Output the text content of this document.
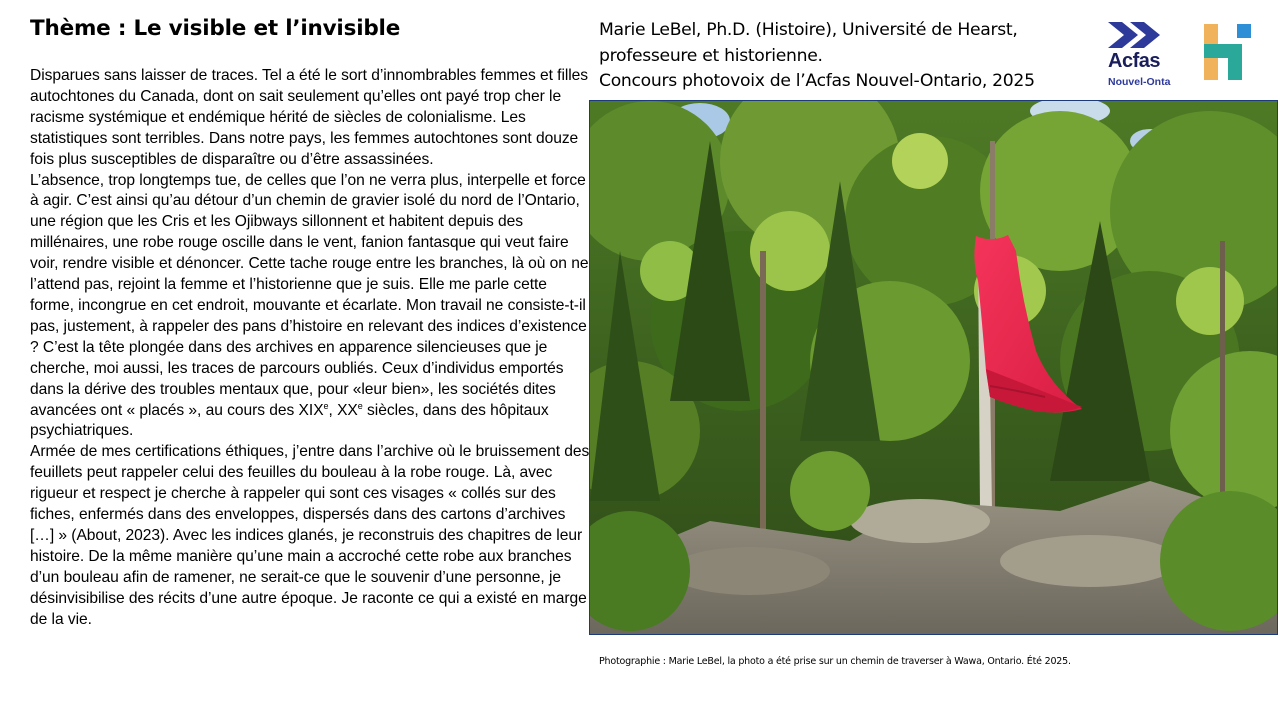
Thème : Le visible et l’invisible

Disparues sans laisser de traces. Tel a été le sort d’innombrables femmes et filles autochtones du Canada, dont on sait seulement qu’elles ont payé trop cher le racisme systémique et endémique hérité de siècles de colonialisme. Les statistiques sont terribles. Dans notre pays, les femmes autochtones sont douze fois plus susceptibles de disparaître ou d’être assassinées.

L’absence, trop longtemps tue, de celles que l’on ne verra plus, interpelle et force à agir. C’est ainsi qu’au détour d’un chemin de gravier isolé du nord de l’Ontario, une région que les Cris et les Ojibways sillonnent et habitent depuis des millénaires, une robe rouge oscille dans le vent, fanion fantasque qui veut faire voir, rendre visible et dénoncer. Cette tache rouge entre les branches, là où on ne l’attend pas, rejoint la femme et l’historienne que je suis. Elle me parle cette forme, incongrue en cet endroit, mouvante et écarlate. Mon travail ne consiste-t-il pas, justement, à rappeler des pans d’histoire en relevant des indices d’existence ? C’est la tête plongée dans des archives en apparence silencieuses que je cherche, moi aussi, les traces de parcours oubliés. Ceux d’individus emportés dans la dérive des troubles mentaux que, pour «leur bien», les sociétés dites avancées ont « placés », au cours des XIXe, XXe siècles, dans des hôpitaux psychiatriques.

Armée de mes certifications éthiques, j’entre dans l’archive où le bruissement des feuillets peut rappeler celui des feuilles du bouleau à la robe rouge. Là, avec rigueur et respect je cherche à rappeler qui sont ces visages « collés sur des fiches, enfermés dans des enveloppes, dispersés dans des cartons d’archives […] » (About, 2023). Avec les indices glanés, je reconstruis des chapitres de leur histoire. De la même manière qu’une main a accroché cette robe aux branches d’un bouleau afin de ramener, ne serait-ce que le souvenir d’une personne, je désinvisibilise des récits d’une autre époque. Je raconte ce qui a existé en marge de la vie.

Marie LeBel, Ph.D. (Histoire), Université de Hearst,
professeure et historienne.
Concours photovoix de l’Acfas Nouvel-Ontario, 2025
Acfas
Nouvel-Onta
Photographie : Marie LeBel, la photo a été prise sur un chemin de traverser à Wawa, Ontario. Été 2025.
